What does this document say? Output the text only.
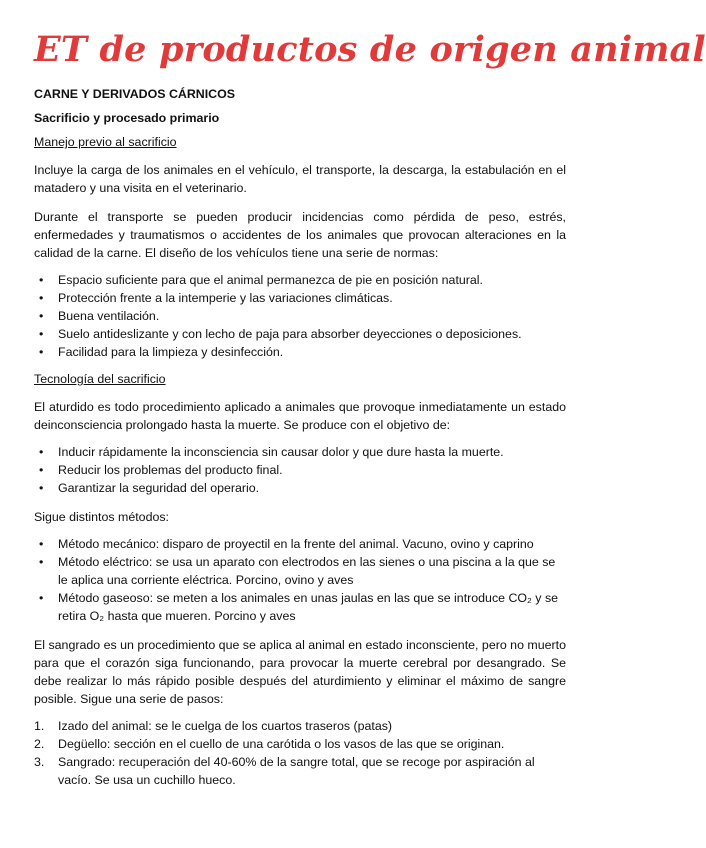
ET de productos de origen animal
CARNE Y DERIVADOS CÁRNICOS
Sacrificio y procesado primario
Manejo previo al sacrificio

Incluye la carga de los animales en el vehículo, el transporte, la descarga, la estabulación en el matadero y una visita en el veterinario.

Durante el transporte se pueden producir incidencias como pérdida de peso, estrés, enfermedades y traumatismos o accidentes de los animales que provocan alteraciones en la calidad de la carne. El diseño de los vehículos tiene una serie de normas:

• Espacio suficiente para que el animal permanezca de pie en posición natural.
• Protección frente a la intemperie y las variaciones climáticas.
• Buena ventilación.
• Suelo antideslizante y con lecho de paja para absorber deyecciones o deposiciones.
• Facilidad para la limpieza y desinfección.
Tecnología del sacrificio

El aturdido es todo procedimiento aplicado a animales que provoque inmediatamente un estado deinconsciencia prolongado hasta la muerte. Se produce con el objetivo de:

• Inducir rápidamente la inconsciencia sin causar dolor y que dure hasta la muerte.
• Reducir los problemas del producto final.
• Garantizar la seguridad del operario.

Sigue distintos métodos:

• Método mecánico: disparo de proyectil en la frente del animal. Vacuno, ovino y caprino
• Método eléctrico: se usa un aparato con electrodos en las sienes o una piscina a la que se le aplica una corriente eléctrica. Porcino, ovino y aves
• Método gaseoso: se meten a los animales en unas jaulas en las que se introduce CO₂ y se retira O₂ hasta que mueren. Porcino y aves

El sangrado es un procedimiento que se aplica al animal en estado inconsciente, pero no muerto para que el corazón siga funcionando, para provocar la muerte cerebral por desangrado. Se debe realizar lo más rápido posible después del aturdimiento y eliminar el máximo de sangre posible. Sigue una serie de pasos:

1. Izado del animal: se le cuelga de los cuartos traseros (patas)
2. Degüello: sección en el cuello de una carótida o los vasos de las que se originan.
3. Sangrado: recuperación del 40-60% de la sangre total, que se recoge por aspiración al vacío. Se usa un cuchillo hueco.
